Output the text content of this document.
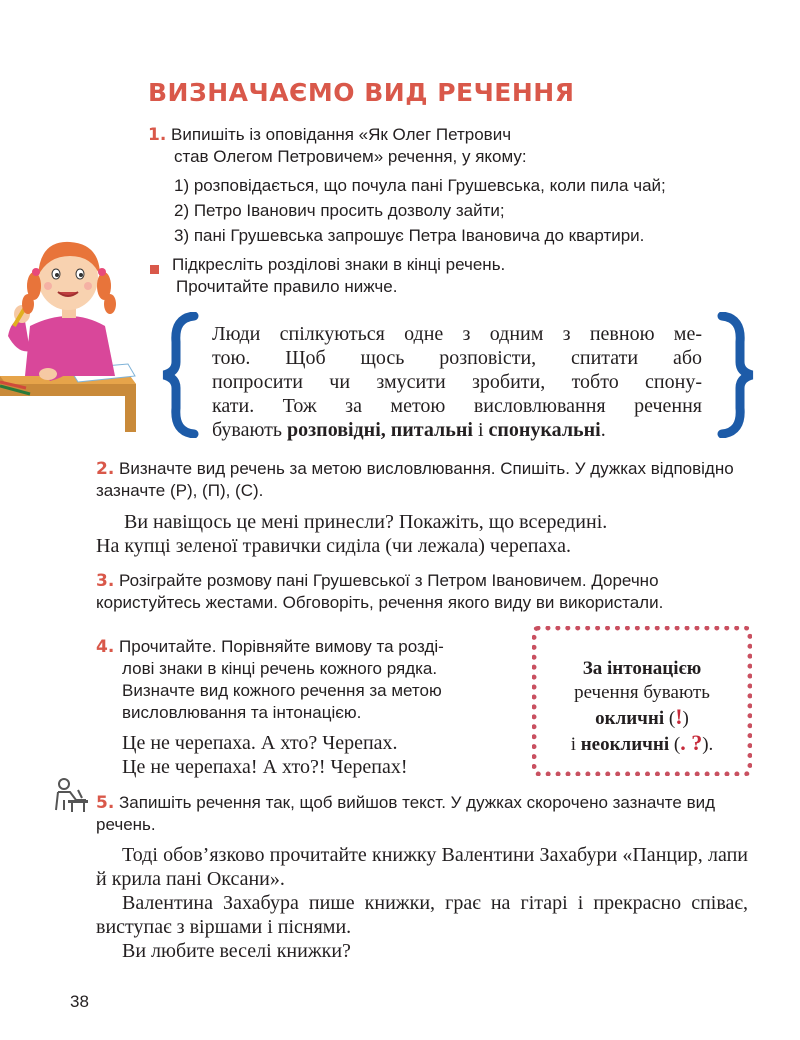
ВИЗНАЧАЄМО ВИД РЕЧЕННЯ
1. Випишіть із оповідання «Як Олег Петрович
став Олегом Петровичем» речення, у якому:
1) розповідається, що почула пані Грушевська, коли пила чай;
2) Петро Іванович просить дозволу зайти;
3) пані Грушевська запрошує Петра Івановича до квартири.
Підкресліть розділові знаки в кінці речень.
Прочитайте правило нижче.
Люди спілкуються одне з одним з певною ме-
тою. Щоб щось розповісти, спитати або
попросити чи змусити зробити, тобто спону-
кати. Тож за метою висловлювання речення
бувають розповідні, питальні і спонукальні.
2. Визначте вид речень за метою висловлювання. Спишіть. У дужках відповідно зазначте (Р), (П), (С).
Ви навіщось це мені принесли? Покажіть, що всередині.
На купці зеленої травички сиділа (чи лежала) черепаха.
3. Розіграйте розмову пані Грушевської з Петром Івановичем. Доречно користуйтесь жестами. Обговоріть, речення якого виду ви використали.
4. Прочитайте. Порівняйте вимову та розді-
лові знаки в кінці речень кожного рядка.
Визначте вид кожного речення за метою
висловлювання та інтонацією.
Це не черепаха. А хто? Черепах.
Це не черепаха! А хто?! Черепах!
За інтонацією
речення бувають
окличні (!)
і неокличні (. ?).
5. Запишіть речення так, щоб вийшов текст. У дужках скорочено зазначте вид речень.
Тоді обов’язково прочитайте книжку Валентини Захабури «Панцир, лапи й крила пані Оксани».
Валентина Захабура пише книжки, грає на гітарі і прекрасно співає, виступає з віршами і піснями.
Ви любите веселі книжки?
38
